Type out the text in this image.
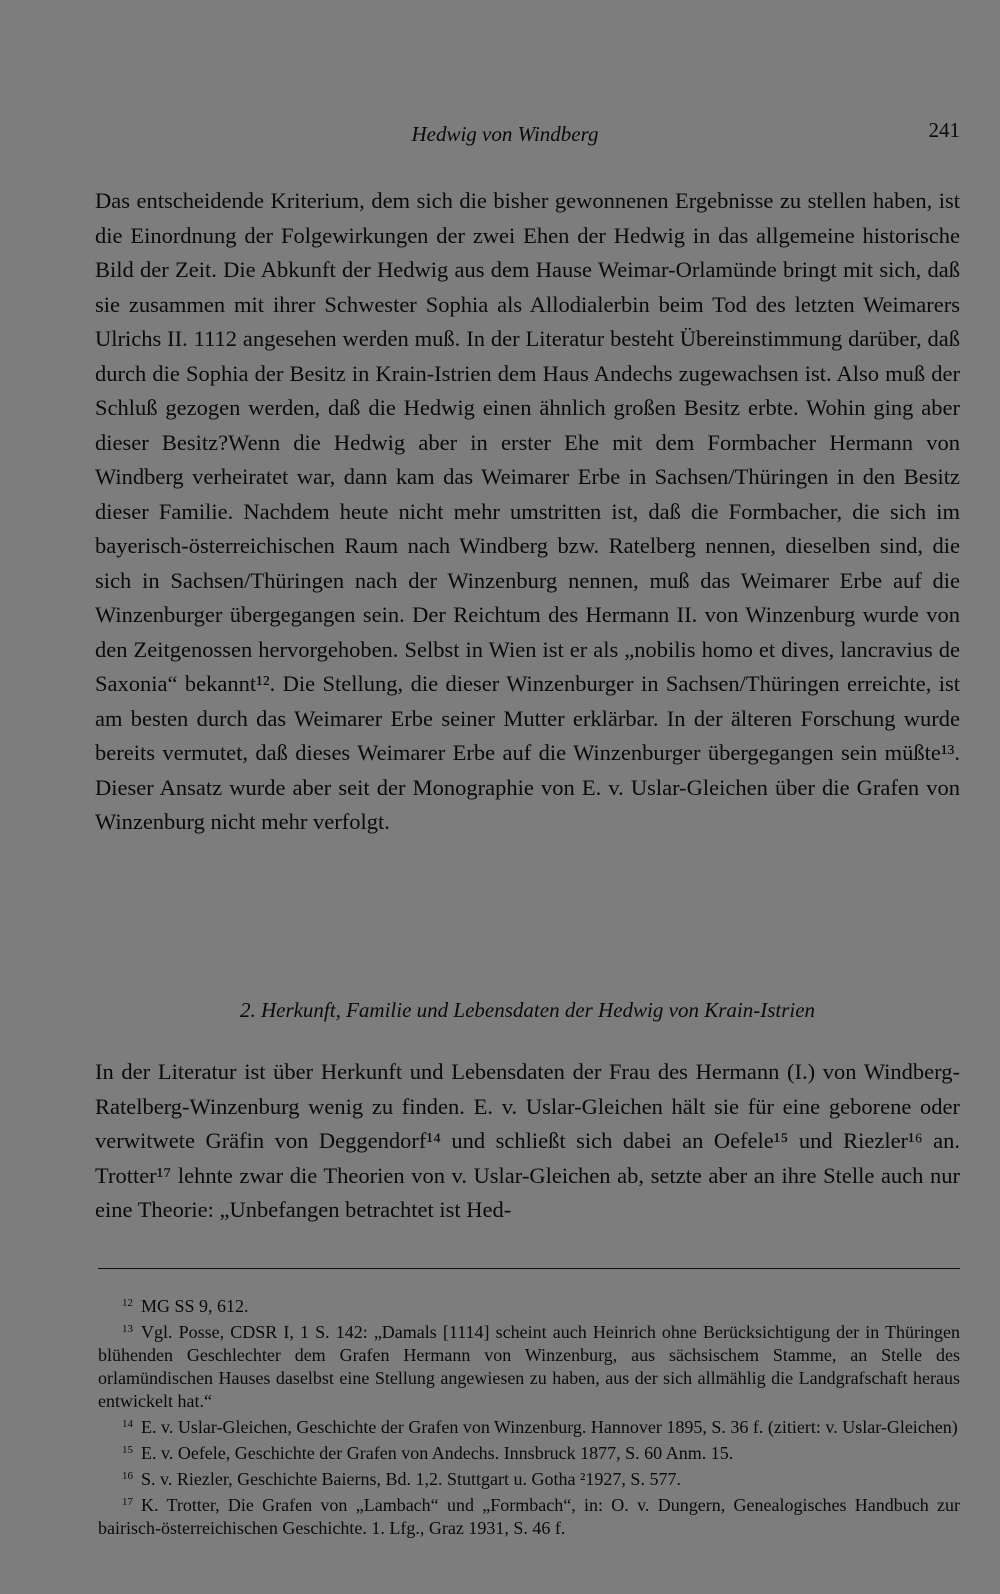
Hedwig von Windberg	241

Das entscheidende Kriterium, dem sich die bisher gewonnenen Ergebnisse zu stellen haben, ist die Einordnung der Folgewirkungen der zwei Ehen der Hedwig in das allgemeine historische Bild der Zeit. Die Abkunft der Hedwig aus dem Hause Weimar-Orlamünde bringt mit sich, daß sie zusammen mit ihrer Schwester Sophia als Allodialerbin beim Tod des letzten Weimarers Ulrichs II. 1112 angesehen werden muß. In der Literatur besteht Übereinstimmung darüber, daß durch die Sophia der Besitz in Krain-Istrien dem Haus Andechs zugewachsen ist. Also muß der Schluß gezogen werden, daß die Hedwig einen ähnlich großen Besitz erbte. Wohin ging aber dieser Besitz?Wenn die Hedwig aber in erster Ehe mit dem Formbacher Hermann von Windberg verheiratet war, dann kam das Weimarer Erbe in Sachsen/Thüringen in den Besitz dieser Familie. Nachdem heute nicht mehr umstritten ist, daß die Formbacher, die sich im bayerisch-österreichischen Raum nach Windberg bzw. Ratelberg nennen, dieselben sind, die sich in Sachsen/Thüringen nach der Winzenburg nennen, muß das Weimarer Erbe auf die Winzenburger übergegangen sein. Der Reichtum des Hermann II. von Winzenburg wurde von den Zeitgenossen hervorgehoben. Selbst in Wien ist er als „nobilis homo et dives, lancravius de Saxonia“ bekannt¹². Die Stellung, die dieser Winzenburger in Sachsen/Thüringen erreichte, ist am besten durch das Weimarer Erbe seiner Mutter erklärbar. In der älteren Forschung wurde bereits vermutet, daß dieses Weimarer Erbe auf die Winzenburger übergegangen sein müßte¹³. Dieser Ansatz wurde aber seit der Monographie von E. v. Uslar-Gleichen über die Grafen von Winzenburg nicht mehr verfolgt.

2. Herkunft, Familie und Lebensdaten der Hedwig von Krain-Istrien

In der Literatur ist über Herkunft und Lebensdaten der Frau des Hermann (I.) von Windberg-Ratelberg-Winzenburg wenig zu finden. E. v. Uslar-Gleichen hält sie für eine geborene oder verwitwete Gräfin von Deggendorf¹⁴ und schließt sich dabei an Oefele¹⁵ und Riezler¹⁶ an. Trotter¹⁷ lehnte zwar die Theorien von v. Uslar-Gleichen ab, setzte aber an ihre Stelle auch nur eine Theorie: „Unbefangen betrachtet ist Hed-

$^{12}$ MG SS 9, 612.

$^{13}$ Vgl. Posse, CDSR I, 1 S. 142: „Damals [1114] scheint auch Heinrich ohne Berücksichtigung der in Thüringen blühenden Geschlechter dem Grafen Hermann von Winzenburg, aus sächsischem Stamme, an Stelle des orlamündischen Hauses daselbst eine Stellung angewiesen zu haben, aus der sich allmählig die Landgrafschaft heraus entwickelt hat.“

$^{14}$ E. v. Uslar-Gleichen, Geschichte der Grafen von Winzenburg. Hannover 1895, S. 36 f. (zitiert: v. Uslar-Gleichen)

$^{15}$ E. v. Oefele, Geschichte der Grafen von Andechs. Innsbruck 1877, S. 60 Anm. 15.

$^{16}$ S. v. Riezler, Geschichte Baierns, Bd. 1,2. Stuttgart u. Gotha ²1927, S. 577.

$^{17}$ K. Trotter, Die Grafen von „Lambach“ und „Formbach“, in: O. v. Dungern, Genealogisches Handbuch zur bairisch-österreichischen Geschichte. 1. Lfg., Graz 1931, S. 46 f.
